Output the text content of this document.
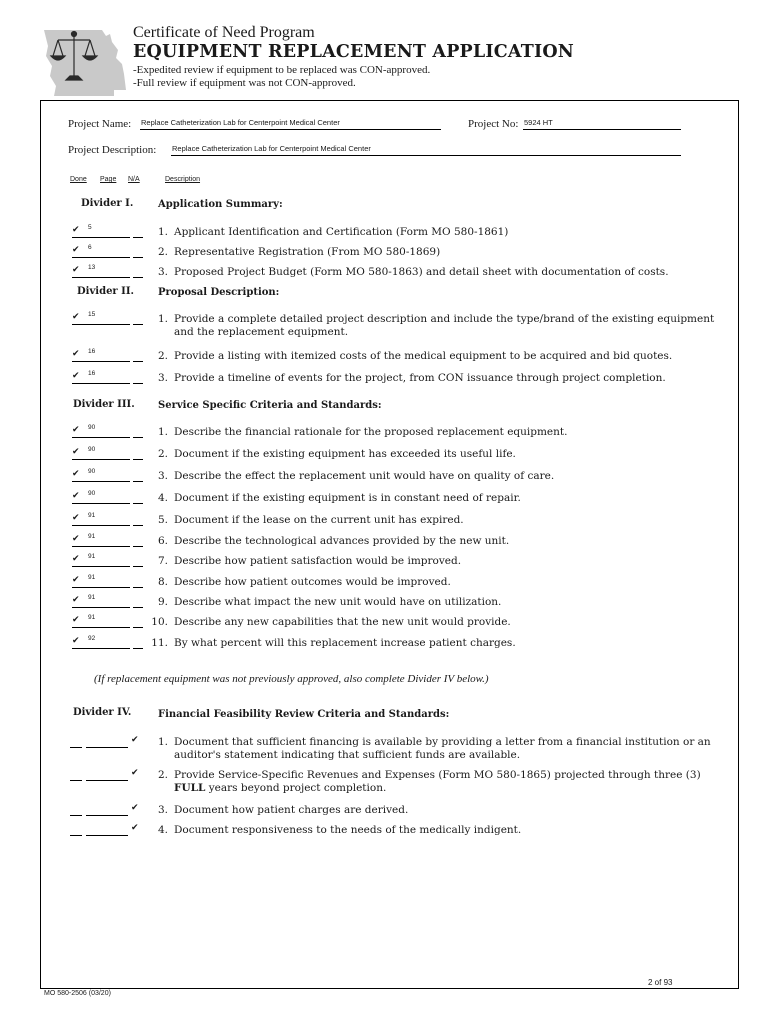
Certificate of Need Program
EQUIPMENT REPLACEMENT APPLICATION
-Expedited review if equipment to be replaced was CON-approved.
-Full review if equipment was not CON-approved.
Project Name: Replace Catheterization Lab for Centerpoint Medical Center	Project No: 5924 HT
Project Description: Replace Catheterization Lab for Centerpoint Medical Center
Done Page N/A	Description
Divider I. Application Summary:
✔ 5	1. Applicant Identification and Certification (Form MO 580-1861)
✔ 6	2. Representative Registration (From MO 580-1869)
✔ 13	3. Proposed Project Budget (Form MO 580-1863) and detail sheet with documentation of costs.
Divider II. Proposal Description:
✔ 15	1. Provide a complete detailed project description and include the type/brand of the existing equipment and the replacement equipment.
✔ 16	2. Provide a listing with itemized costs of the medical equipment to be acquired and bid quotes.
✔ 16	3. Provide a timeline of events for the project, from CON issuance through project completion.
Divider III. Service Specific Criteria and Standards:
✔ 90	1. Describe the financial rationale for the proposed replacement equipment.
✔ 90	2. Document if the existing equipment has exceeded its useful life.
✔ 90	3. Describe the effect the replacement unit would have on quality of care.
✔ 90	4. Document if the existing equipment is in constant need of repair.
✔ 91	5. Document if the lease on the current unit has expired.
✔ 91	6. Describe the technological advances provided by the new unit.
✔ 91	7. Describe how patient satisfaction would be improved.
✔ 91	8. Describe how patient outcomes would be improved.
✔ 91	9. Describe what impact the new unit would have on utilization.
✔ 91	10. Describe any new capabilities that the new unit would provide.
✔ 92	11. By what percent will this replacement increase patient charges.
(If replacement equipment was not previously approved, also complete Divider IV below.)
Divider IV.	Financial Feasibility Review Criteria and Standards:
✔	1. Document that sufficient financing is available by providing a letter from a financial institution or an auditor's statement indicating that sufficient funds are available.
✔	2. Provide Service-Specific Revenues and Expenses (Form MO 580-1865) projected through three (3) FULL years beyond project completion.
✔	3. Document how patient charges are derived.
✔	4. Document responsiveness to the needs of the medically indigent.
2 of 93
MO 580-2506 (03/20)
